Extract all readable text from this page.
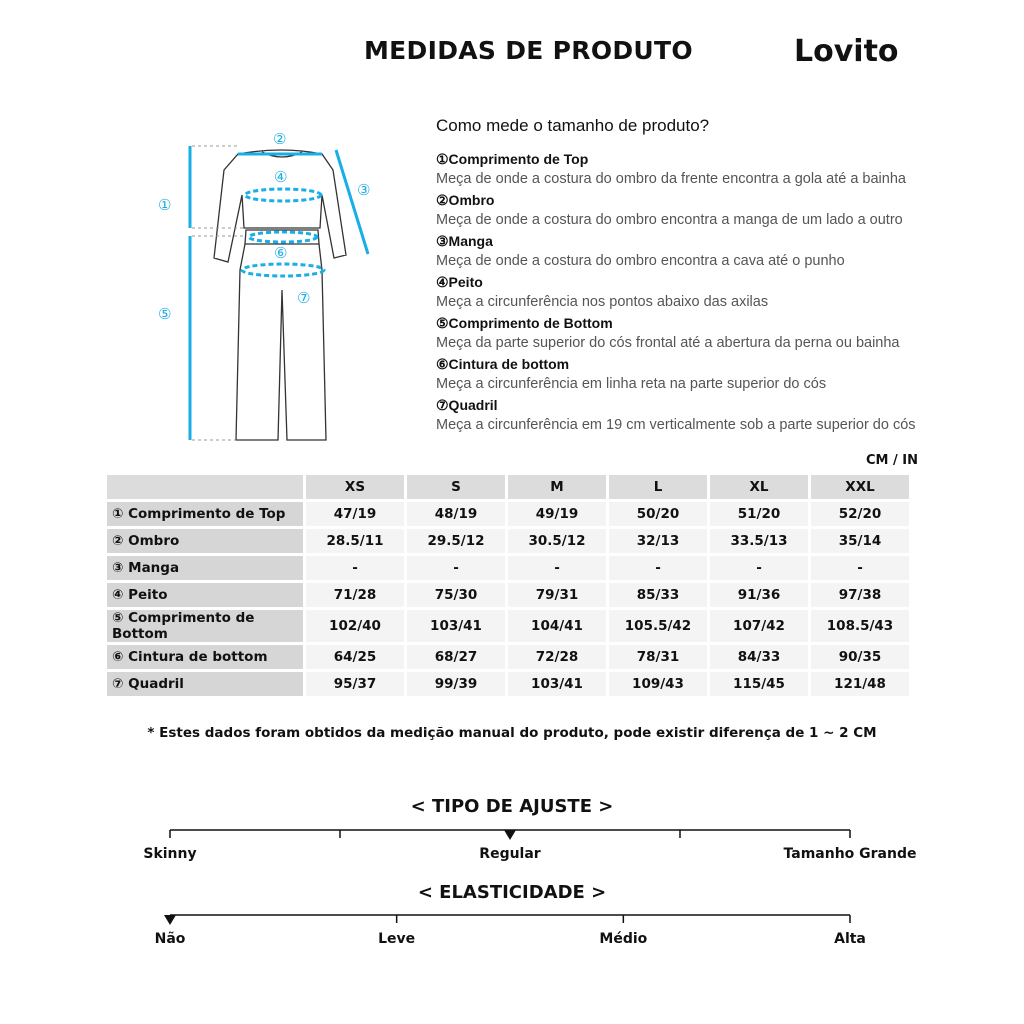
MEDIDAS DE PRODUTO	Lovito
①
②
③
④
⑤
⑥
⑦
Como mede o tamanho de produto?
①Comprimento de Top
Meça de onde a costura do ombro da frente encontra a gola até a bainha
②Ombro
Meça de onde a costura do ombro encontra a manga de um lado a outro
③Manga
Meça de onde a costura do ombro encontra a cava até o punho
④Peito
Meça a circunferência nos pontos abaixo das axilas
⑤Comprimento de Bottom
Meça da parte superior do cós frontal até a abertura da perna ou bainha
⑥Cintura de bottom
Meça a circunferência em linha reta na parte superior do cós
⑦Quadril
Meça a circunferência em 19 cm verticalmente sob a parte superior do cós
CM / IN
	XS	S	M	L	XL	XXL
① Comprimento de Top	47/19	48/19	49/19	50/20	51/20	52/20
② Ombro	28.5/11	29.5/12	30.5/12	32/13	33.5/13	35/14
③ Manga	-	-	-	-	-	-
④ Peito	71/28	75/30	79/31	85/33	91/36	97/38
⑤ Comprimento de Bottom	102/40	103/41	104/41	105.5/42	107/42	108.5/43
⑥ Cintura de bottom	64/25	68/27	72/28	78/31	84/33	90/35
⑦ Quadril	95/37	99/39	103/41	109/43	115/45	121/48
* Estes dados foram obtidos da medição manual do produto, pode existir diferença de 1 ~ 2 CM
< TIPO DE AJUSTE >
Skinny	Regular	Tamanho Grande
< ELASTICIDADE >
Não	Leve	Médio	Alta
